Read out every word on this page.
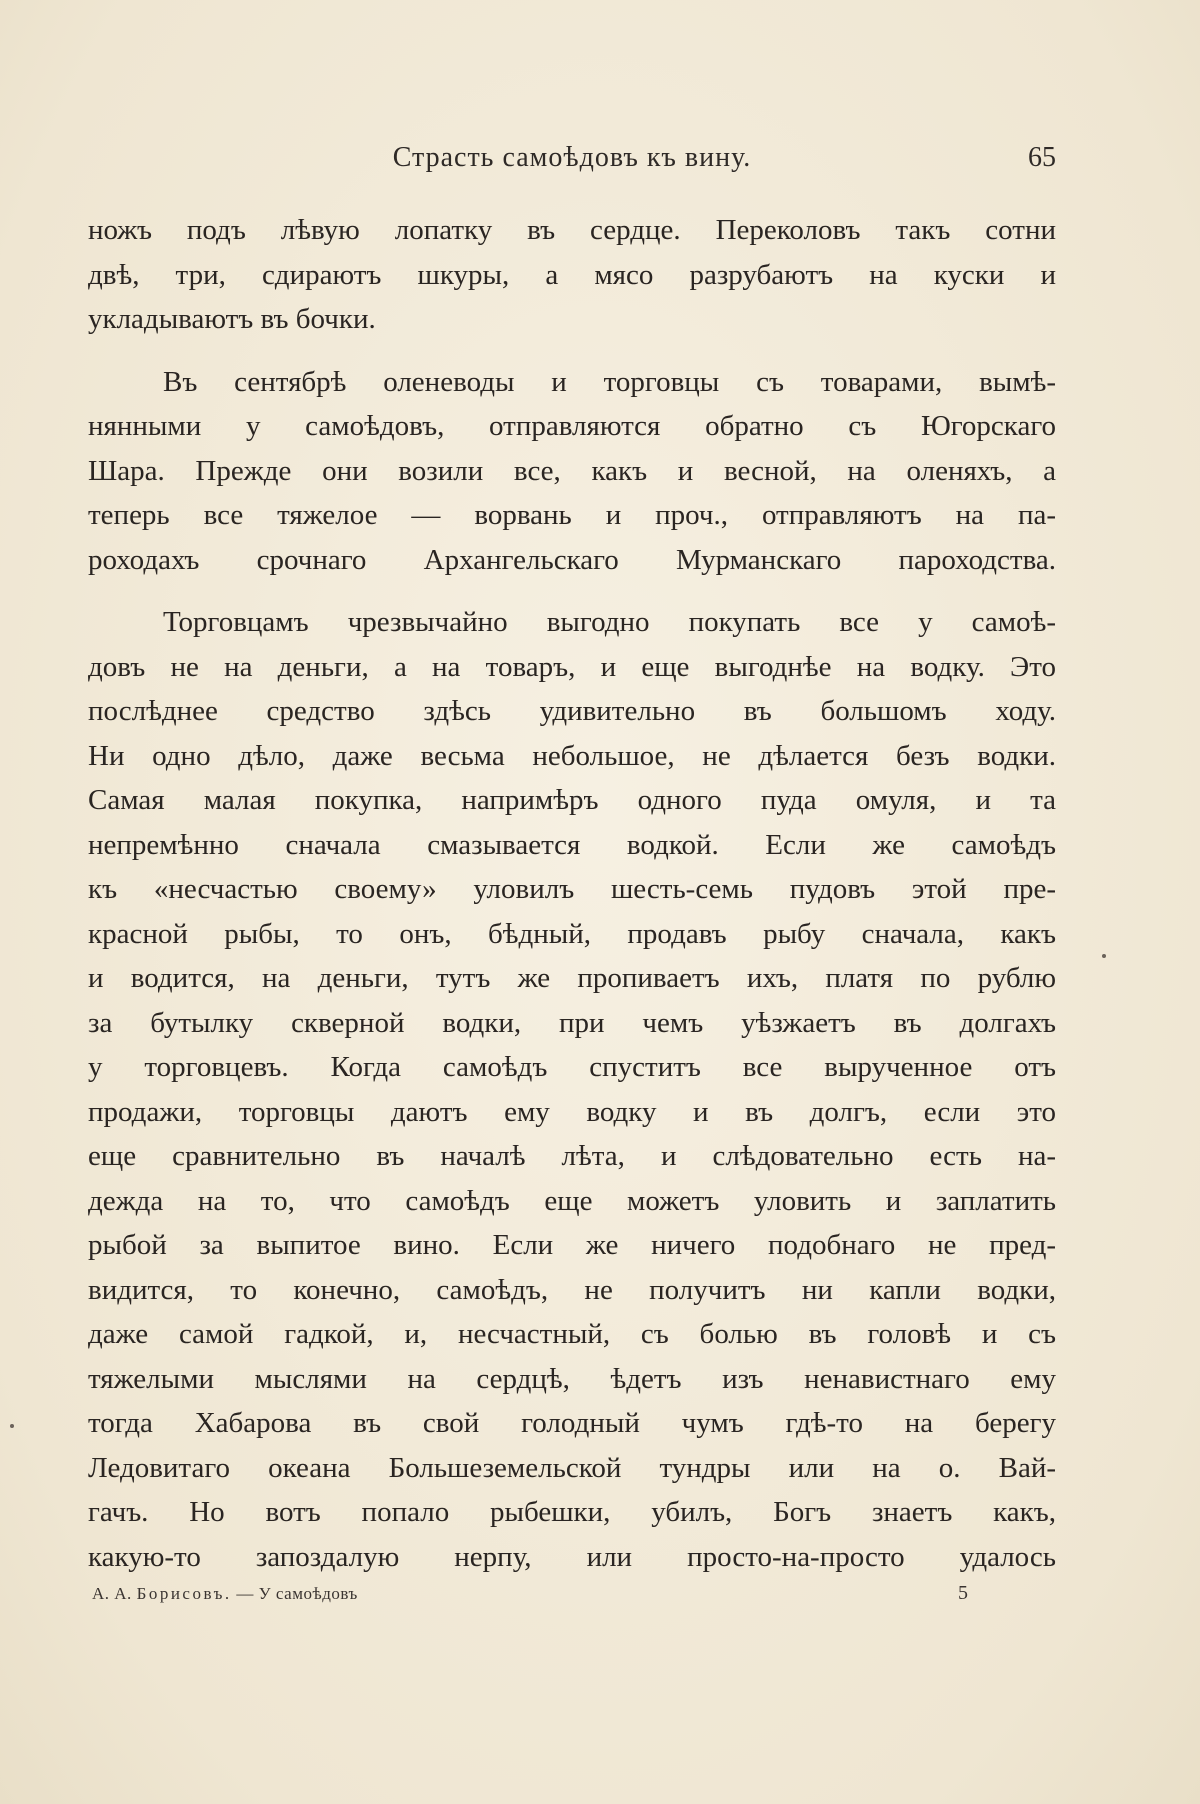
Страсть самоѣдовъ къ вину.	65
ножъ подъ лѣвую лопатку въ сердце. Переколовъ такъ сотни
двѣ, три, сдираютъ шкуры, а мясо разрубаютъ на куски и
укладываютъ въ бочки.
Въ сентябрѣ оленеводы и торговцы съ товарами, вымѣ-
нянными у самоѣдовъ, отправляются обратно съ Югорскаго
Шара. Прежде они возили все, какъ и весной, на оленяхъ, а
теперь все тяжелое — ворвань и проч., отправляютъ на па-
роходахъ срочнаго Архангельскаго Мурманскаго пароходства.
Торговцамъ чрезвычайно выгодно покупать все у самоѣ-
довъ не на деньги, а на товаръ, и еще выгоднѣе на водку. Это
послѣднее средство здѣсь удивительно въ большомъ ходу.
Ни одно дѣло, даже весьма небольшое, не дѣлается безъ водки.
Самая малая покупка, напримѣръ одного пуда омуля, и та
непремѣнно сначала смазывается водкой. Если же самоѣдъ
къ «несчастью своему» уловилъ шесть-семь пудовъ этой пре-
красной рыбы, то онъ, бѣдный, продавъ рыбу сначала, какъ
и водится, на деньги, тутъ же пропиваетъ ихъ, платя по рублю
за бутылку скверной водки, при чемъ уѣзжаетъ въ долгахъ
у торговцевъ. Когда самоѣдъ спуститъ все вырученное отъ
продажи, торговцы даютъ ему водку и въ долгъ, если это
еще сравнительно въ началѣ лѣта, и слѣдовательно есть на-
дежда на то, что самоѣдъ еще можетъ уловить и заплатить
рыбой за выпитое вино. Если же ничего подобнаго не пред-
видится, то конечно, самоѣдъ, не получитъ ни капли водки,
даже самой гадкой, и, несчастный, съ болью въ головѣ и съ
тяжелыми мыслями на сердцѣ, ѣдетъ изъ ненавистнаго ему
тогда Хабарова въ свой голодный чумъ гдѣ-то на берегу
Ледовитаго океана Большеземельской тундры или на о. Вай-
гачъ. Но вотъ попало рыбешки, убилъ, Богъ знаетъ какъ,
какую-то запоздалую нерпу, или просто-на-просто удалось
А. А. Борисовъ. — У самоѣдовъ	5
